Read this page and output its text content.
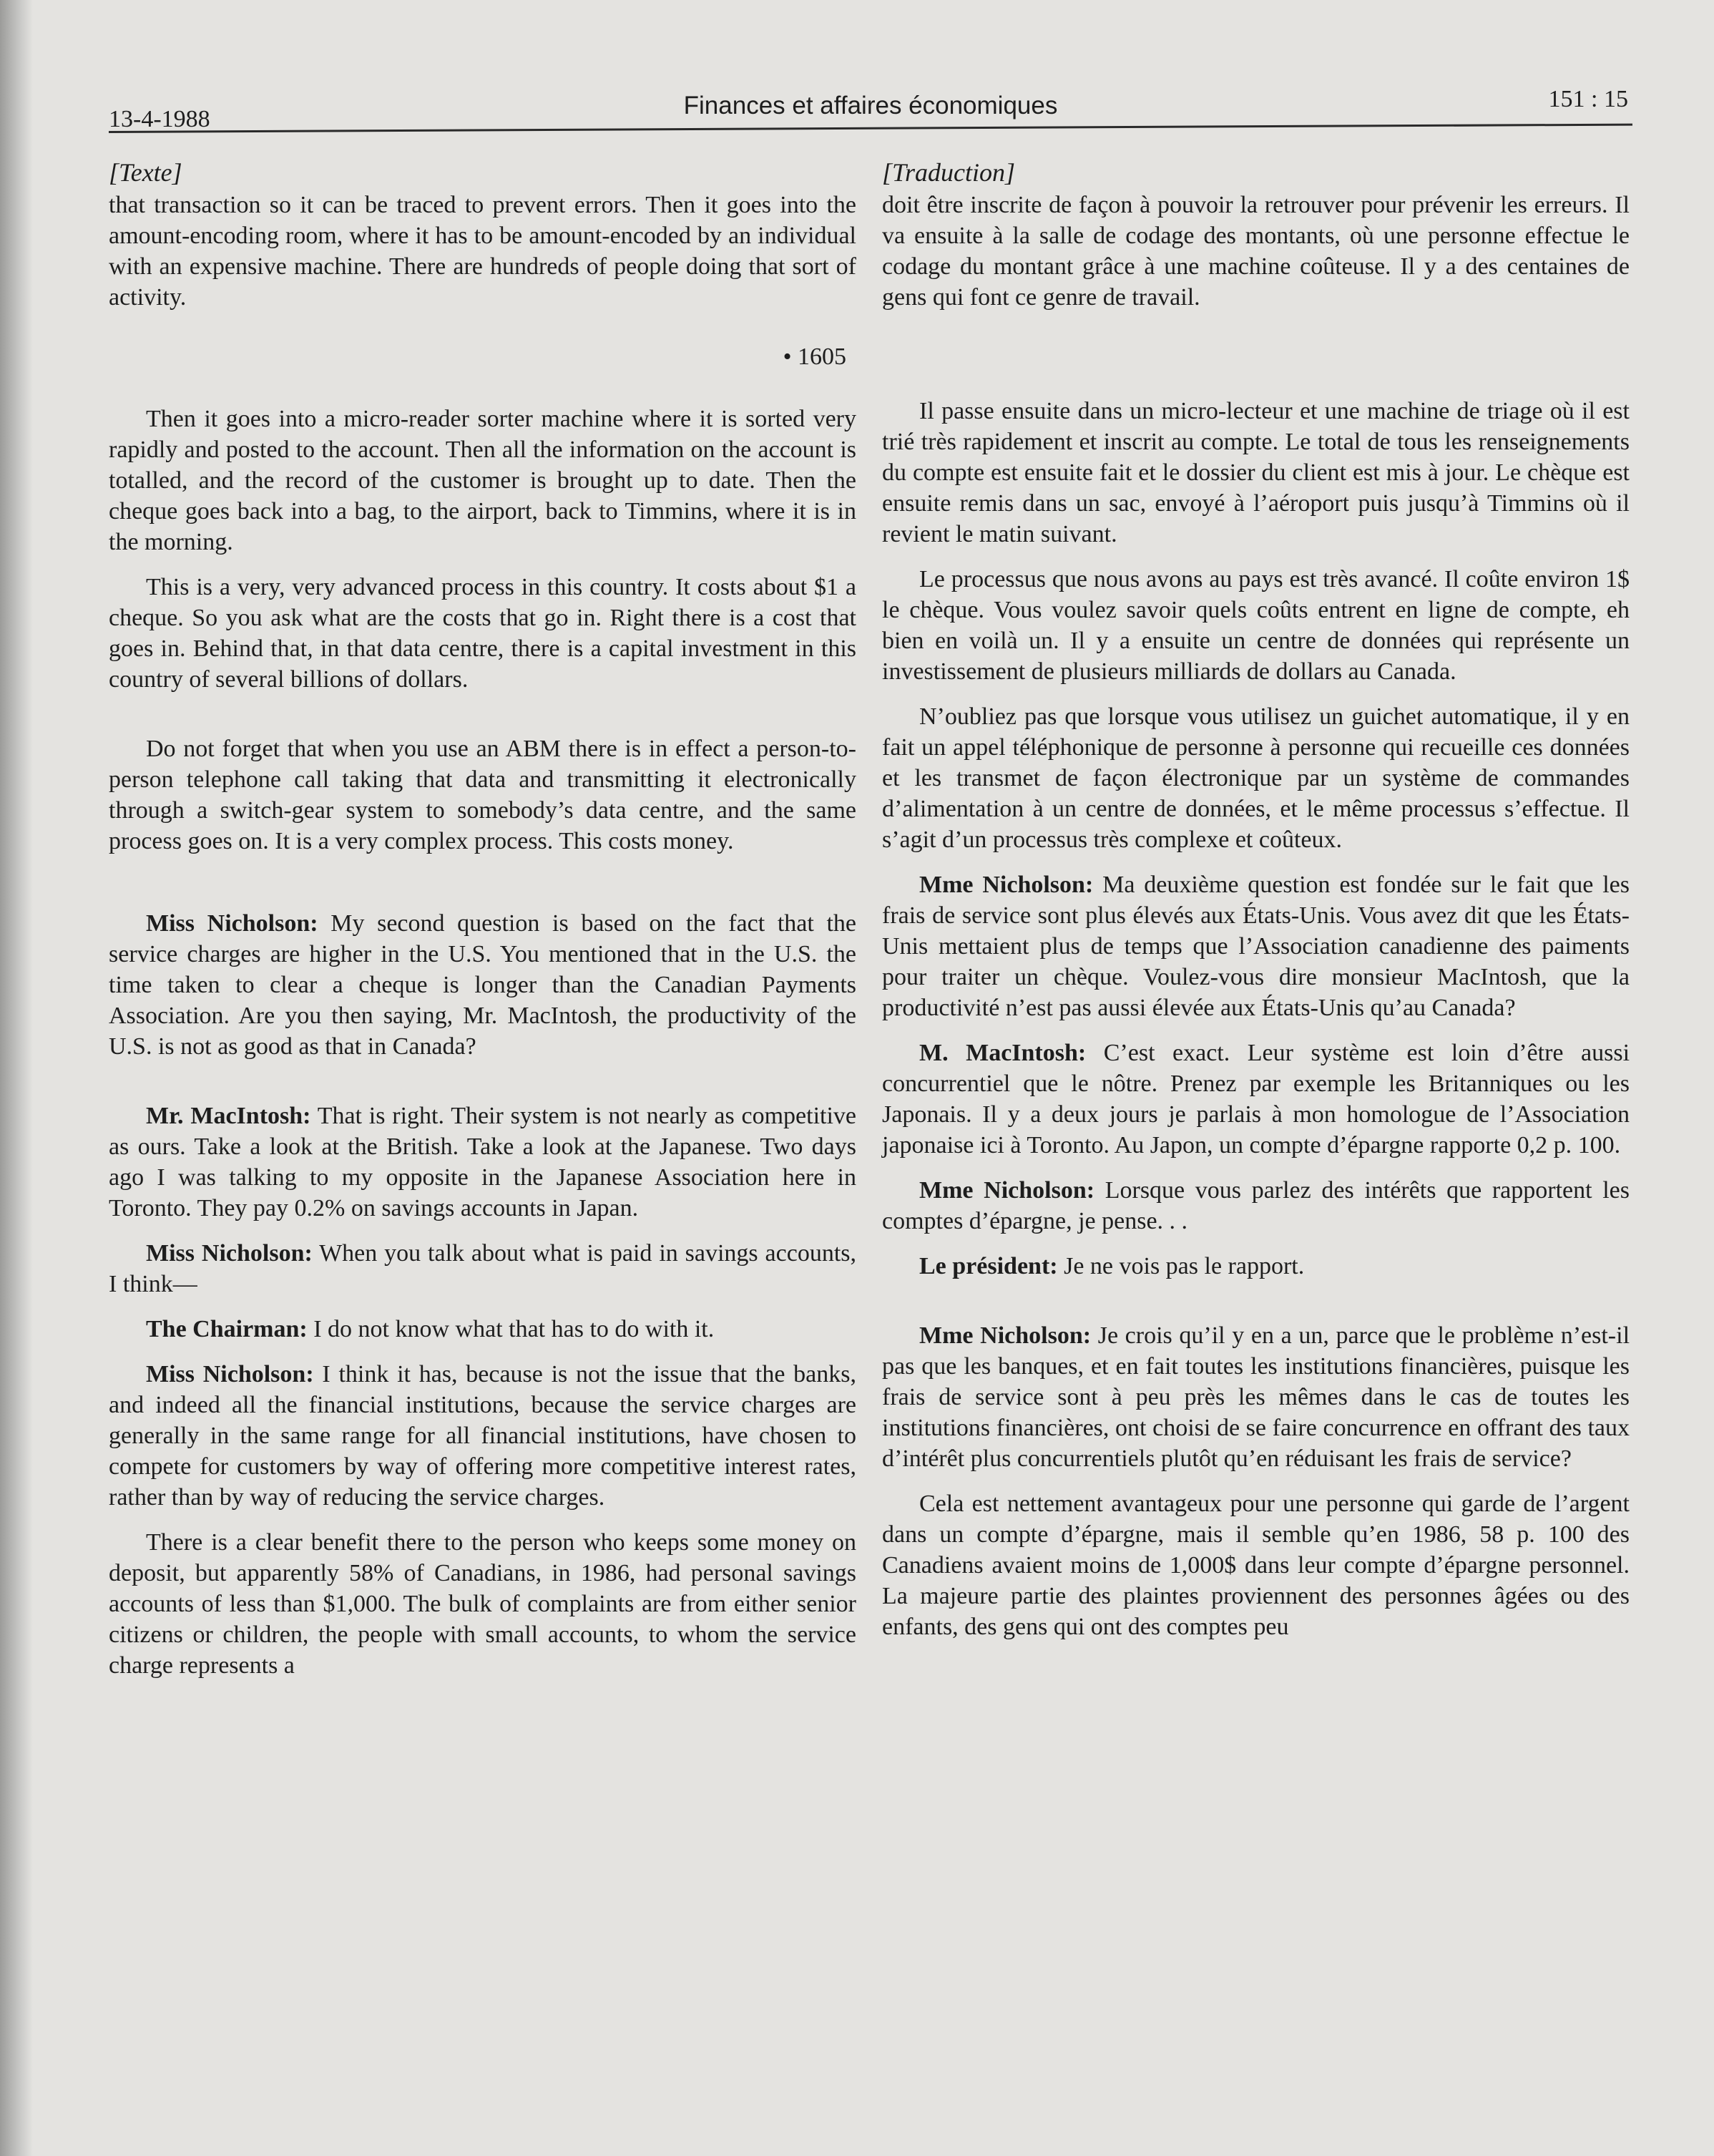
13-4-1988	Finances et affaires économiques	151 : 15
[Texte]

that transaction so it can be traced to prevent errors. Then it goes into the amount-encoding room, where it has to be amount-encoded by an individual with an expensive machine. There are hundreds of people doing that sort of activity.

• 1605

Then it goes into a micro-reader sorter machine where it is sorted very rapidly and posted to the account. Then all the information on the account is totalled, and the record of the customer is brought up to date. Then the cheque goes back into a bag, to the airport, back to Timmins, where it is in the morning.

This is a very, very advanced process in this country. It costs about $1 a cheque. So you ask what are the costs that go in. Right there is a cost that goes in. Behind that, in that data centre, there is a capital investment in this country of several billions of dollars.

Do not forget that when you use an ABM there is in effect a person-to-person telephone call taking that data and transmitting it electronically through a switch-gear system to somebody’s data centre, and the same process goes on. It is a very complex process. This costs money.

Miss Nicholson: My second question is based on the fact that the service charges are higher in the U.S. You mentioned that in the U.S. the time taken to clear a cheque is longer than the Canadian Payments Association. Are you then saying, Mr. MacIntosh, the productivity of the U.S. is not as good as that in Canada?

Mr. MacIntosh: That is right. Their system is not nearly as competitive as ours. Take a look at the British. Take a look at the Japanese. Two days ago I was talking to my opposite in the Japanese Association here in Toronto. They pay 0.2% on savings accounts in Japan.

Miss Nicholson: When you talk about what is paid in savings accounts, I think—

The Chairman: I do not know what that has to do with it.

Miss Nicholson: I think it has, because is not the issue that the banks, and indeed all the financial institutions, because the service charges are generally in the same range for all financial institutions, have chosen to compete for customers by way of offering more competitive interest rates, rather than by way of reducing the service charges.

There is a clear benefit there to the person who keeps some money on deposit, but apparently 58% of Canadians, in 1986, had personal savings accounts of less than $1,000. The bulk of complaints are from either senior citizens or children, the people with small accounts, to whom the service charge represents a

[Traduction]

doit être inscrite de façon à pouvoir la retrouver pour prévenir les erreurs. Il va ensuite à la salle de codage des montants, où une personne effectue le codage du montant grâce à une machine coûteuse. Il y a des centaines de gens qui font ce genre de travail.

Il passe ensuite dans un micro-lecteur et une machine de triage où il est trié très rapidement et inscrit au compte. Le total de tous les renseignements du compte est ensuite fait et le dossier du client est mis à jour. Le chèque est ensuite remis dans un sac, envoyé à l’aéroport puis jusqu’à Timmins où il revient le matin suivant.

Le processus que nous avons au pays est très avancé. Il coûte environ 1$ le chèque. Vous voulez savoir quels coûts entrent en ligne de compte, eh bien en voilà un. Il y a ensuite un centre de données qui représente un investissement de plusieurs milliards de dollars au Canada.

N’oubliez pas que lorsque vous utilisez un guichet automatique, il y en fait un appel téléphonique de personne à personne qui recueille ces données et les transmet de façon électronique par un système de commandes d’alimentation à un centre de données, et le même processus s’effectue. Il s’agit d’un processus très complexe et coûteux.

Mme Nicholson: Ma deuxième question est fondée sur le fait que les frais de service sont plus élevés aux États-Unis. Vous avez dit que les États-Unis mettaient plus de temps que l’Association canadienne des paiments pour traiter un chèque. Voulez-vous dire monsieur MacIntosh, que la productivité n’est pas aussi élevée aux États-Unis qu’au Canada?

M. MacIntosh: C’est exact. Leur système est loin d’être aussi concurrentiel que le nôtre. Prenez par exemple les Britanniques ou les Japonais. Il y a deux jours je parlais à mon homologue de l’Association japonaise ici à Toronto. Au Japon, un compte d’épargne rapporte 0,2 p. 100.

Mme Nicholson: Lorsque vous parlez des intérêts que rapportent les comptes d’épargne, je pense. . .

Le président: Je ne vois pas le rapport.

Mme Nicholson: Je crois qu’il y en a un, parce que le problème n’est-il pas que les banques, et en fait toutes les institutions financières, puisque les frais de service sont à peu près les mêmes dans le cas de toutes les institutions financières, ont choisi de se faire concurrence en offrant des taux d’intérêt plus concurrentiels plutôt qu’en réduisant les frais de service?

Cela est nettement avantageux pour une personne qui garde de l’argent dans un compte d’épargne, mais il semble qu’en 1986, 58 p. 100 des Canadiens avaient moins de 1,000$ dans leur compte d’épargne personnel. La majeure partie des plaintes proviennent des personnes âgées ou des enfants, des gens qui ont des comptes peu
